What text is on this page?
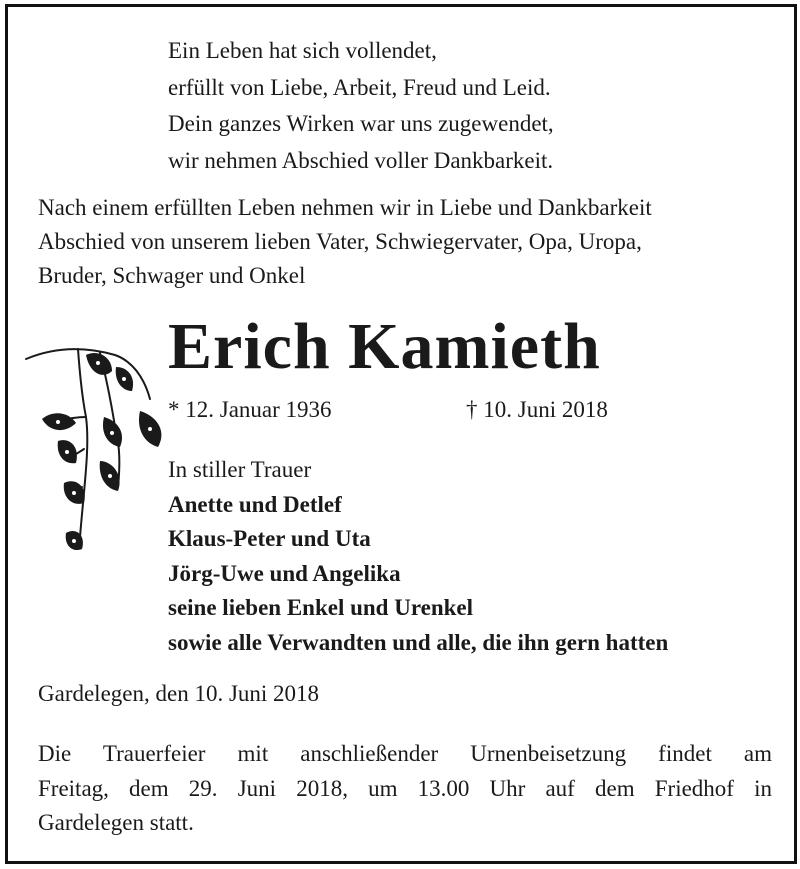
Ein Leben hat sich vollendet,
erfüllt von Liebe, Arbeit, Freud und Leid.
Dein ganzes Wirken war uns zugewendet,
wir nehmen Abschied voller Dankbarkeit.
Nach einem erfüllten Leben nehmen wir in Liebe und Dankbarkeit
Abschied von unserem lieben Vater, Schwiegervater, Opa, Uropa,
Bruder, Schwager und Onkel
Erich Kamieth
* 12. Januar 1936	† 10. Juni 2018
In stiller Trauer
Anette und Detlef
Klaus-Peter und Uta
Jörg-Uwe und Angelika
seine lieben Enkel und Urenkel
sowie alle Verwandten und alle, die ihn gern hatten
Gardelegen, den 10. Juni 2018
Die Trauerfeier mit anschließender Urnenbeisetzung findet am
Freitag, dem 29. Juni 2018, um 13.00 Uhr auf dem Friedhof in
Gardelegen statt.
